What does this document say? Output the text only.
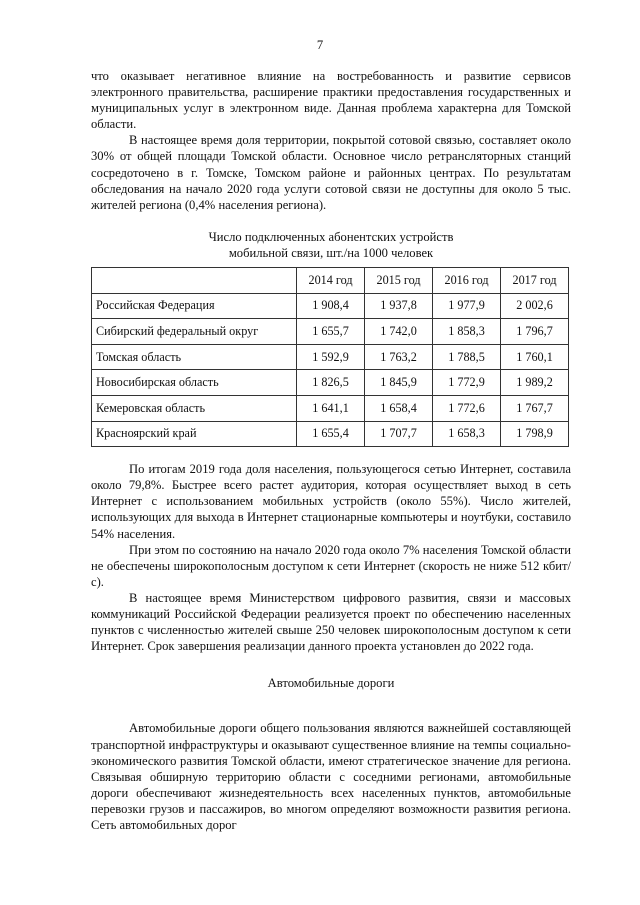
7

что оказывает негативное влияние на востребованность и развитие сервисов электронного правительства, расширение практики предоставления государственных и муниципальных услуг в электронном виде. Данная проблема характерна для Томской области.

В настоящее время доля территории, покрытой сотовой связью, составляет около 30% от общей площади Томской области. Основное число ретрансляторных станций сосредоточено в г. Томске, Томском районе и районных центрах. По результатам обследования на начало 2020 года услуги сотовой связи не доступны для около 5 тыс. жителей региона (0,4% населения региона).

Число подключенных абонентских устройств
мобильной связи, шт./на 1000 человек
	2014 год	2015 год	2016 год	2017 год
Российская Федерация	1 908,4	1 937,8	1 977,9	2 002,6
Сибирский федеральный округ	1 655,7	1 742,0	1 858,3	1 796,7
Томская область	1 592,9	1 763,2	1 788,5	1 760,1
Новосибирская область	1 826,5	1 845,9	1 772,9	1 989,2
Кемеровская область	1 641,1	1 658,4	1 772,6	1 767,7
Красноярский край	1 655,4	1 707,7	1 658,3	1 798,9

По итогам 2019 года доля населения, пользующегося сетью Интернет, составила около 79,8%. Быстрее всего растет аудитория, которая осуществляет выход в сеть Интернет с использованием мобильных устройств (около 55%). Число жителей, использующих для выхода в Интернет стационарные компьютеры и ноутбуки, составило 54% населения.

При этом по состоянию на начало 2020 года около 7% населения Томской области не обеспечены широкополосным доступом к сети Интернет (скорость не ниже 512 кбит/с).

В настоящее время Министерством цифрового развития, связи и массовых коммуникаций Российской Федерации реализуется проект по обеспечению населенных пунктов с численностью жителей свыше 250 человек широкополосным доступом к сети Интернет. Срок завершения реализации данного проекта установлен до 2022 года.

Автомобильные дороги

Автомобильные дороги общего пользования являются важнейшей составляющей транспортной инфраструктуры и оказывают существенное влияние на темпы социально-экономического развития Томской области, имеют стратегическое значение для региона. Связывая обширную территорию области с соседними регионами, автомобильные дороги обеспечивают жизнедеятельность всех населенных пунктов, автомобильные перевозки грузов и пассажиров, во многом определяют возможности развития региона. Сеть автомобильных дорог
